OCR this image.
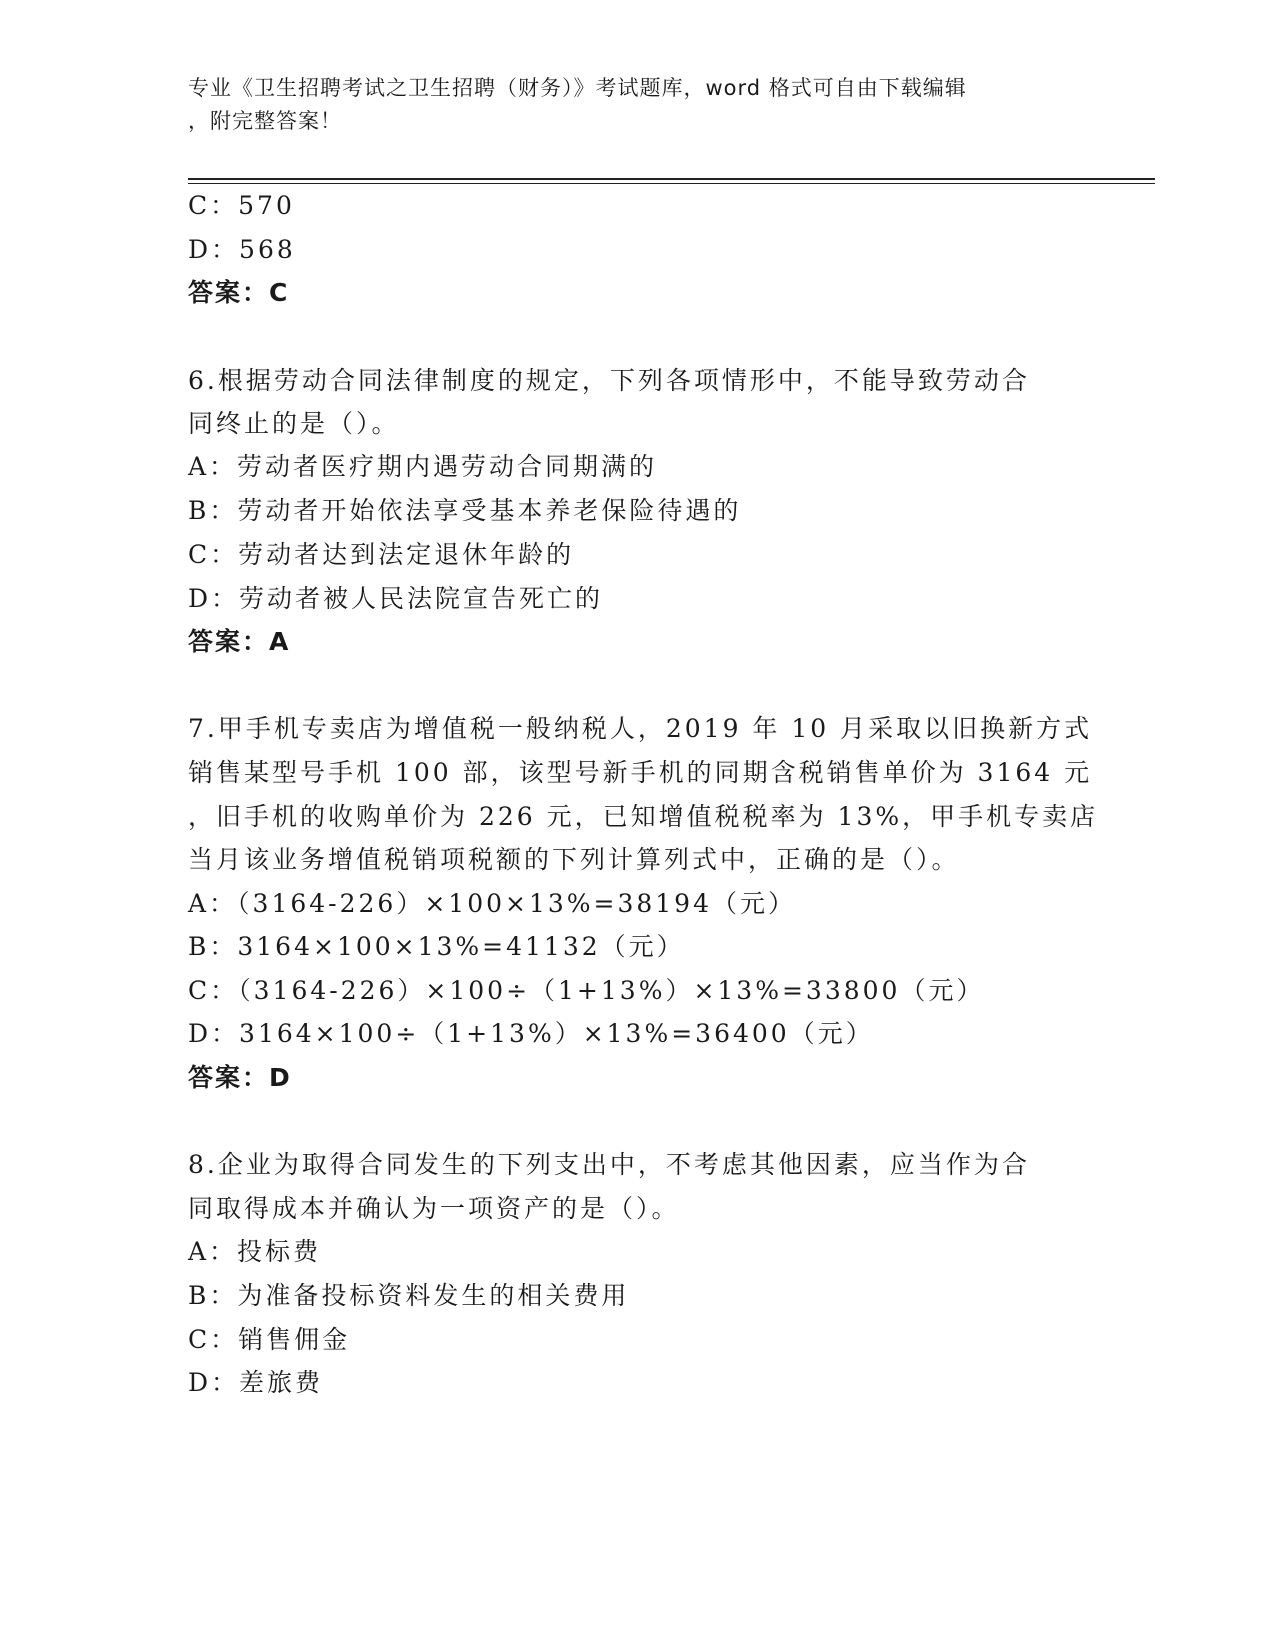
专业《卫生招聘考试之卫生招聘（财务）》考试题库，word 格式可自由下载编辑
，附完整答案！
C：570
D：568
答案：C
6.根据劳动合同法律制度的规定，下列各项情形中，不能导致劳动合
同终止的是（）。
A：劳动者医疗期内遇劳动合同期满的
B：劳动者开始依法享受基本养老保险待遇的
C：劳动者达到法定退休年龄的
D：劳动者被人民法院宣告死亡的
答案：A
7.甲手机专卖店为增值税一般纳税人，2019 年 10 月采取以旧换新方式
销售某型号手机 100 部，该型号新手机的同期含税销售单价为 3164 元
，旧手机的收购单价为 226 元，已知增值税税率为 13%，甲手机专卖店
当月该业务增值税销项税额的下列计算列式中，正确的是（）。
A：（3164-226）×100×13%=38194（元）
B：3164×100×13%=41132（元）
C：（3164-226）×100÷（1+13%）×13%=33800（元）
D：3164×100÷（1+13%）×13%=36400（元）
答案：D
8.企业为取得合同发生的下列支出中，不考虑其他因素，应当作为合
同取得成本并确认为一项资产的是（）。
A：投标费
B：为准备投标资料发生的相关费用
C：销售佣金
D：差旅费
